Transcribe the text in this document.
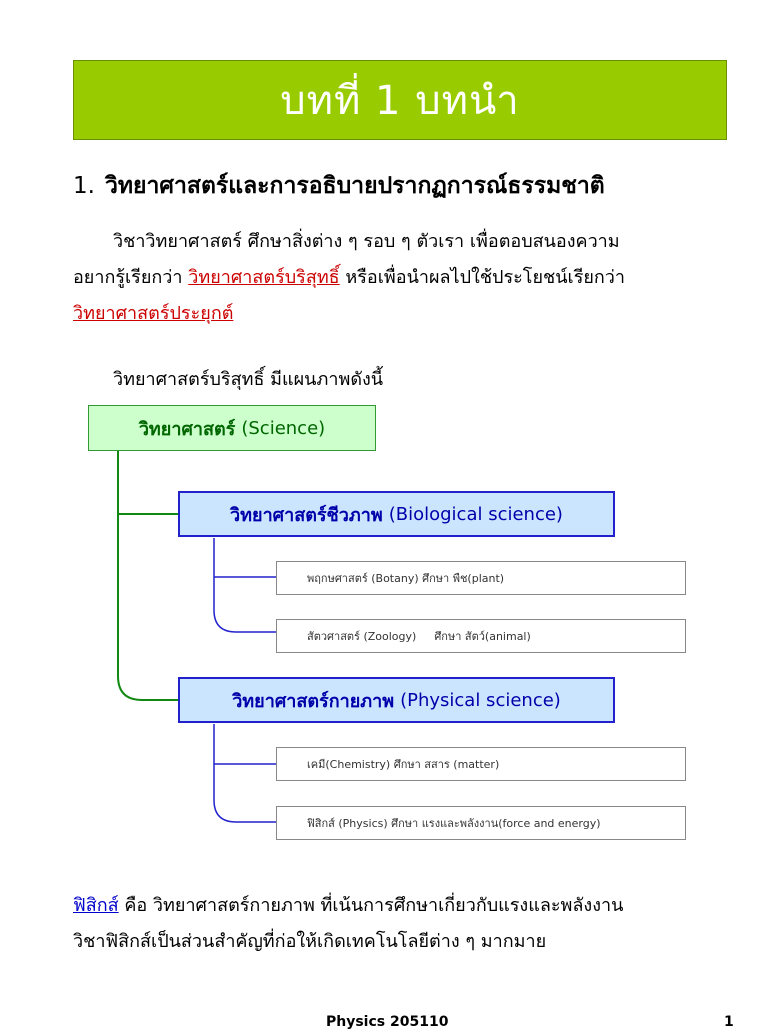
บทที่ 1 บทนำ
1. วิทยาศาสตร์และการอธิบายปรากฏการณ์ธรรมชาติ

วิชาวิทยาศาสตร์ ศึกษาสิ่งต่าง ๆ รอบ ๆ ตัวเรา เพื่อตอบสนองความ

อยากรู้เรียกว่า วิทยาศาสตร์บริสุทธิ์ หรือเพื่อนำผลไปใช้ประโยชน์เรียกว่า

วิทยาศาสตร์ประยุกต์

วิทยาศาสตร์บริสุทธิ์ มีแผนภาพดังนี้

วิทยาศาสตร์ (Science)
วิทยาศาสตร์ชีวภาพ (Biological science)
พฤกษศาสตร์ (Botany) ศึกษา พืช(plant)
สัตวศาสตร์ (Zoology) ศึกษา สัตว์(animal)
วิทยาศาสตร์กายภาพ (Physical science)
เคมี(Chemistry) ศึกษา สสาร (matter)
ฟิสิกส์ (Physics) ศึกษา แรงและพลังงาน(force and energy)

ฟิสิกส์ คือ วิทยาศาสตร์กายภาพ ที่เน้นการศึกษาเกี่ยวกับแรงและพลังงาน

วิชาฟิสิกส์เป็นส่วนสำคัญที่ก่อให้เกิดเทคโนโลยีต่าง ๆ มากมาย

Physics 205110	1
